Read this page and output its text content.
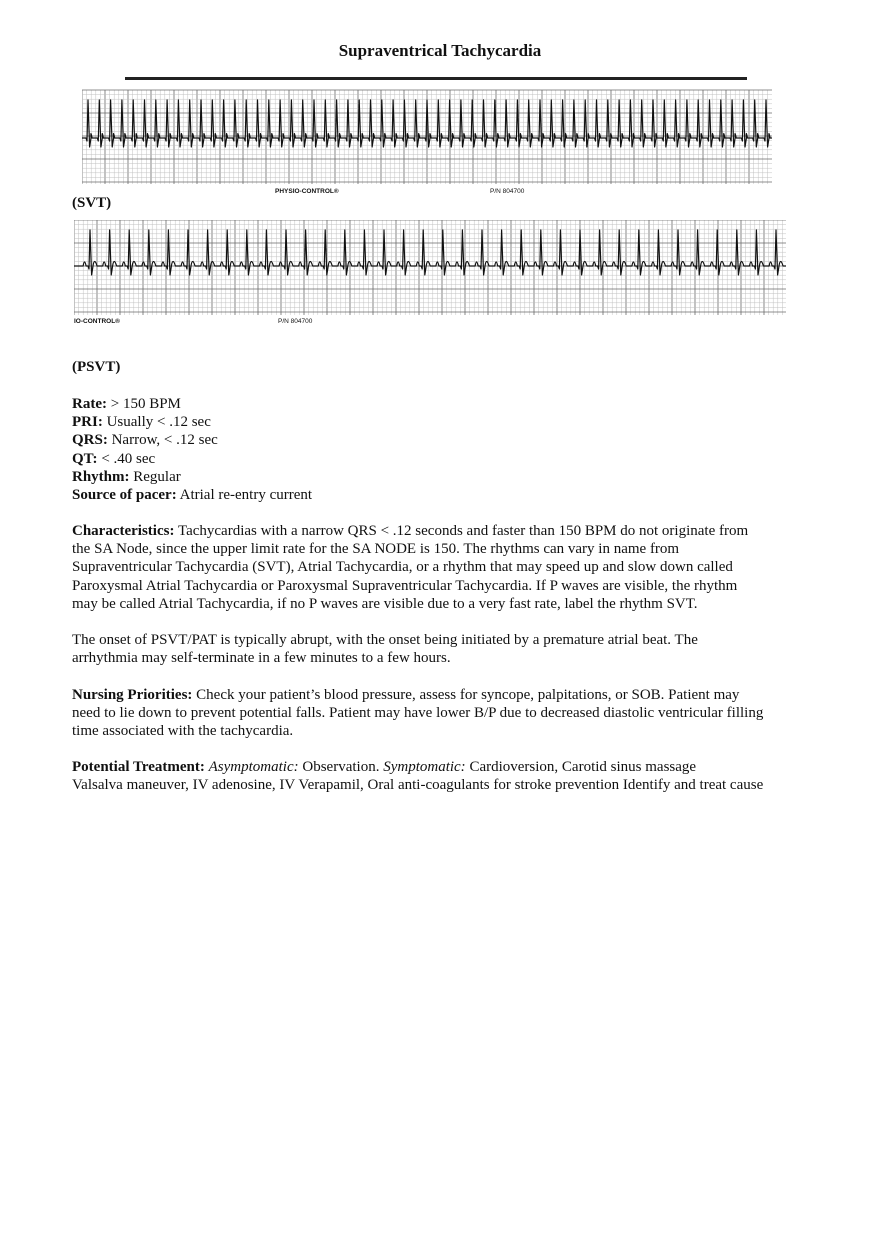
Supraventrical Tachycardia
PHYSIO-CONTROL®	P/N 804700
(SVT)
IO-CONTROL®	P/N 804700
(PSVT)
Rate: > 150 BPM
PRI: Usually < .12 sec
QRS: Narrow, < .12 sec
QT: < .40 sec
Rhythm: Regular
Source of pacer: Atrial re-entry current
Characteristics: Tachycardias with a narrow QRS < .12 seconds and faster than 150 BPM do not originate from
the SA Node, since the upper limit rate for the SA NODE is 150. The rhythms can vary in name from
Supraventricular Tachycardia (SVT), Atrial Tachycardia, or a rhythm that may speed up and slow down called
Paroxysmal Atrial Tachycardia or Paroxysmal Supraventricular Tachycardia. If P waves are visible, the rhythm
may be called Atrial Tachycardia, if no P waves are visible due to a very fast rate, label the rhythm SVT.
The onset of PSVT/PAT is typically abrupt, with the onset being initiated by a premature atrial beat. The
arrhythmia may self-terminate in a few minutes to a few hours.
Nursing Priorities: Check your patient’s blood pressure, assess for syncope, palpitations, or SOB. Patient may
need to lie down to prevent potential falls. Patient may have lower B/P due to decreased diastolic ventricular filling
time associated with the tachycardia.
Potential Treatment: Asymptomatic: Observation. Symptomatic: Cardioversion, Carotid sinus massage
Valsalva maneuver, IV adenosine, IV Verapamil, Oral anti-coagulants for stroke prevention Identify and treat cause
